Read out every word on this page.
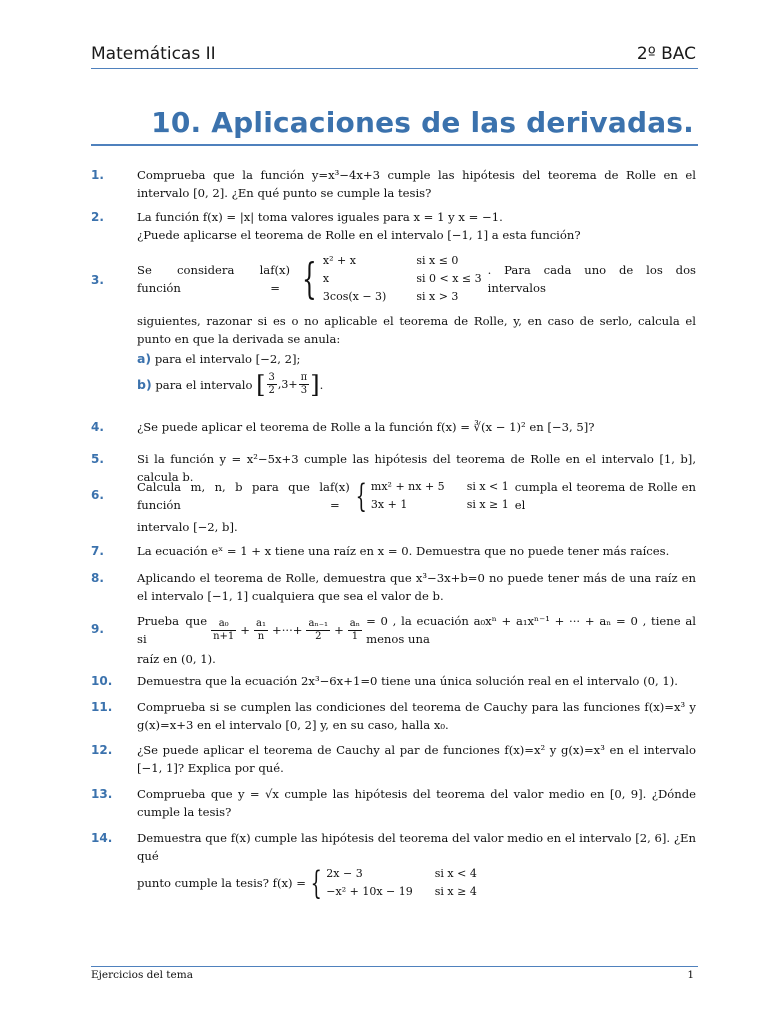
Matemáticas II	2º BAC
10. Aplicaciones de las derivadas.
1.	Comprueba que la función y=x³−4x+3 cumple las hipótesis del teorema de Rolle en el intervalo [0, 2]. ¿En qué punto se cumple la tesis?
2.	La función f(x) = |x| toma valores iguales para x = 1 y x = −1.
¿Puede aplicarse el teorema de Rolle en el intervalo [−1, 1] a esta función?
3.
Se considera la función
f(x) = { x² + x	si x ≤ 0
x	si 0 < x ≤ 3
3cos(x − 3)	si x > 3
. Para cada uno de los dos intervalos
siguientes, razonar si es o no aplicable el teorema de Rolle, y, en caso de serlo, calcula el punto en que la derivada se anula:
a) para el intervalo [−2, 2];
b)
para el intervalo
[ $\frac{3}{2} ,3+ \frac{\pi}{3}$ ] .
4.	¿Se puede aplicar el teorema de Rolle a la función f(x) = ∛(x − 1)² en [−3, 5]?
5.	Si la función y = x²−5x+3 cumple las hipótesis del teorema de Rolle en el intervalo [1, b], calcula b.
6.
Calcula m, n, b para que la función
f(x) = { mx² + nx + 5	si x < 1
3x + 1	si x ≥ 1
cumpla el teorema de Rolle en el
intervalo [−2, b].
7.	La ecuación eˣ = 1 + x tiene una raíz en x = 0. Demuestra que no puede tener más raíces.
8.	Aplicando el teorema de Rolle, demuestra que x³−3x+b=0 no puede tener más de una raíz en el intervalo [−1, 1] cualquiera que sea el valor de b.
9.
Prueba que si	$\frac{\text{a₀}}{n+1} + \frac{\text{a₁}}{n}$ +···+ $\frac{\text{aₙ₋₁}}{2} + \frac{\text{aₙ}}{1} = 0$ , la ecuación a₀xⁿ + a₁xⁿ⁻¹ + ··· + aₙ = 0 , tiene al menos una
raíz en (0, 1).
10.	Demuestra que la ecuación 2x³−6x+1=0 tiene una única solución real en el intervalo (0, 1).
11.	Comprueba si se cumplen las condiciones del teorema de Cauchy para las funciones f(x)=x³ y g(x)=x+3 en el intervalo [0, 2] y, en su caso, halla x₀.
12.	¿Se puede aplicar el teorema de Cauchy al par de funciones f(x)=x² y g(x)=x³ en el intervalo [−1, 1]? Explica por qué.
13.	Comprueba que y = √x cumple las hipótesis del teorema del valor medio en [0, 9]. ¿Dónde cumple la tesis?
14.	Demuestra que f(x) cumple las hipótesis del teorema del valor medio en el intervalo [2, 6]. ¿En qué
punto cumple la tesis?
f(x) = { 2x − 3	si x < 4
−x² + 10x − 19	si x ≥ 4
Ejercicios del tema	1
